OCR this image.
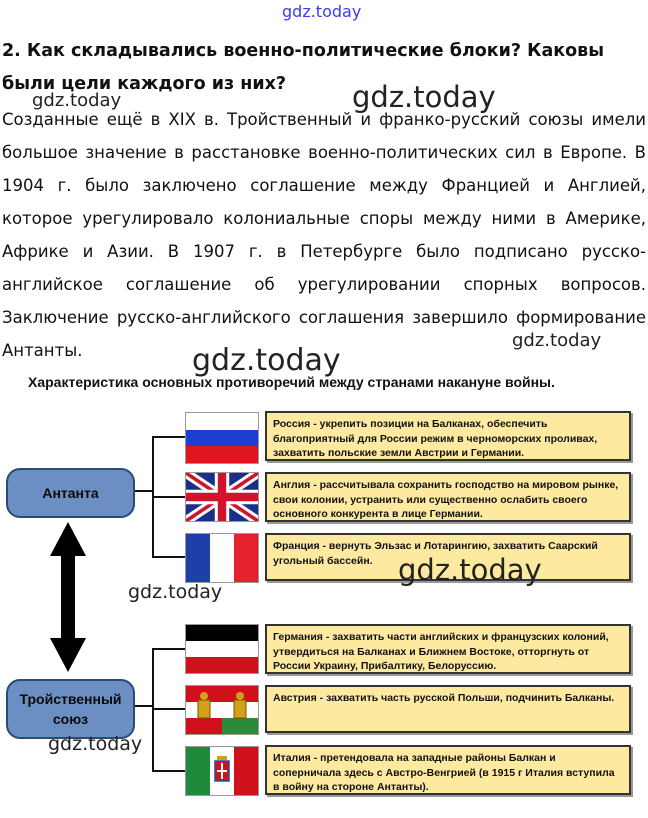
gdz.today
2. Как складывались военно-политические блоки? Каковы были цели каждого из них?
Созданные ещё в XIX в. Тройственный и франко-русский союзы имели большое значение в расстановке военно-политических сил в Европе. В 1904 г. было заключено соглашение между Францией и Англией, которое урегулировало колониальные споры между ними в Америке, Африке и Азии. В 1907 г. в Петербурге было подписано русско-английское соглашение об урегулировании спорных вопросов. Заключение русско-английского соглашения завершило формирование Антанты.
Характеристика основных противоречий между странами накануне войны.
Антанта
Тройственный союз
Россия - укрепить позиции на Балканах, обеспечить благоприятный для России режим в черноморских проливах, захватить польские земли Австрии и Германии.
Англия - рассчитывала сохранить господство на мировом рынке, свои колонии, устранить или существенно ослабить своего основного конкурента в лице Германии.
Франция - вернуть Эльзас и Лотарингию, захватить Саарский угольный бассейн.
Германия - захватить части английских и французских колоний, утвердиться на Балканах и Ближнем Востоке, отторгнуть от России Украину, Прибалтику, Белоруссию.
Австрия - захватить часть русской Польши, подчинить Балканы.
Италия - претендовала на западные районы Балкан и соперничала здесь с Австро-Венгрией (в 1915 г Италия вступила в войну на стороне Антанты).
gdz.today	gdz.today
gdz.today
gdz.today
gdz.today
gdz.today
gdz.today
